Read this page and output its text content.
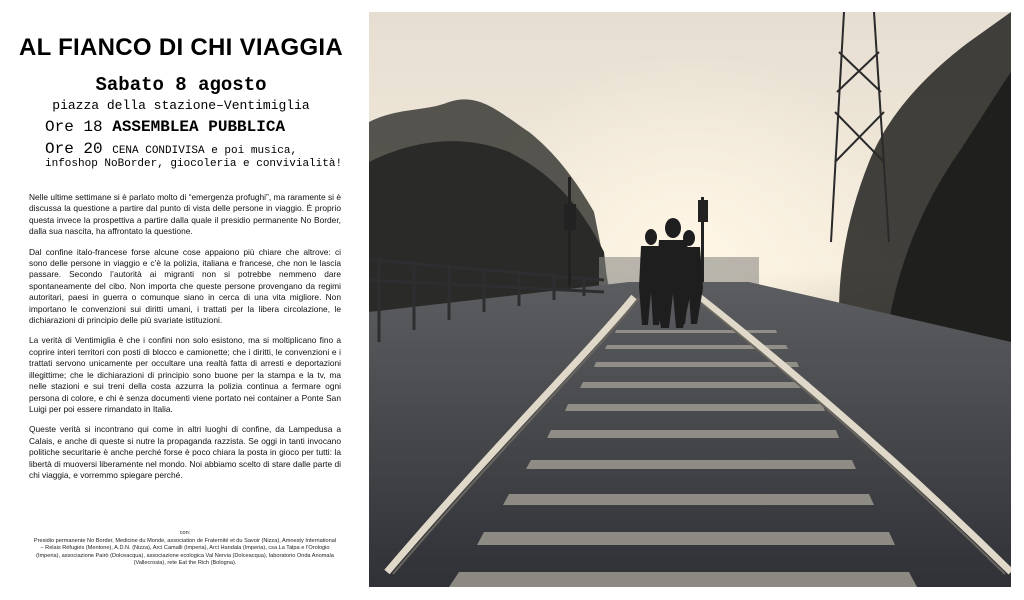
AL FIANCO DI CHI VIAGGIA
Sabato 8 agosto
piazza della stazione–Ventimiglia
Ore 18 ASSEMBLEA PUBBLICA
Ore 20 CENA CONDIVISA e poi musica,
infoshop NoBorder, giocoleria e convivialità!

Nelle ultime settimane si è parlato molto di “emergenza profughi”, ma raramente si è discussa la questione a partire dal punto di vista delle persone in viaggio. È proprio questa invece la prospettiva a partire dalla quale il presidio permanente No Border, dalla sua nascita, ha affrontato la questione.

Dal confine italo-francese forse alcune cose appaiono più chiare che altrove: ci sono delle persone in viaggio e c’è la polizia, italiana e francese, che non le lascia passare. Secondo l’autorità ai migranti non si potrebbe nemmeno dare spontaneamente del cibo. Non importa che queste persone provengano da regimi autoritari, paesi in guerra o comunque siano in cerca di una vita migliore. Non importano le convenzioni sui diritti umani, i trattati per la libera circolazione, le dichiarazioni di principio delle più svariate istituzioni.

La verità di Ventimiglia è che i confini non solo esistono, ma si moltiplicano fino a coprire interi territori con posti di blocco e camionette; che i diritti, le convenzioni e i trattati servono unicamente per occultare una realtà fatta di arresti e deportazioni illegittime; che le dichiarazioni di principio sono buone per la stampa e la tv, ma nelle stazioni e sui treni della costa azzurra la polizia continua a fermare ogni persona di colore, e chi è senza documenti viene portato nei container a Ponte San Luigi per poi essere rimandato in Italia.

Queste verità si incontrano qui come in altri luoghi di confine, da Lampedusa a Calais, e anche di queste si nutre la propaganda razzista. Se oggi in tanti invocano politiche securitarie è anche perché forse è poco chiara la posta in gioco per tutti: la libertà di muoversi liberamente nel mondo. Noi abbiamo scelto di stare dalle parte di chi viaggia, e vorremmo spiegare perché.

con:
Presidio permanente No Border, Medicine du Monde, association de Fraternité et du Savoir (Nizza), Amnesty International – Relais Réfugiés (Mentone), A.D.N. (Nizza), Arci Camalli (Imperia), Arci Handala (Imperia), csa La Talpa e l’Orologio (Imperia), associazione Pairò (Dolceacqua), associazione ecologica Val Nervia (Dolceacqua), laboratorio Onda Anomala (Vallecrosia), rete Eat the Rich (Bologna).
